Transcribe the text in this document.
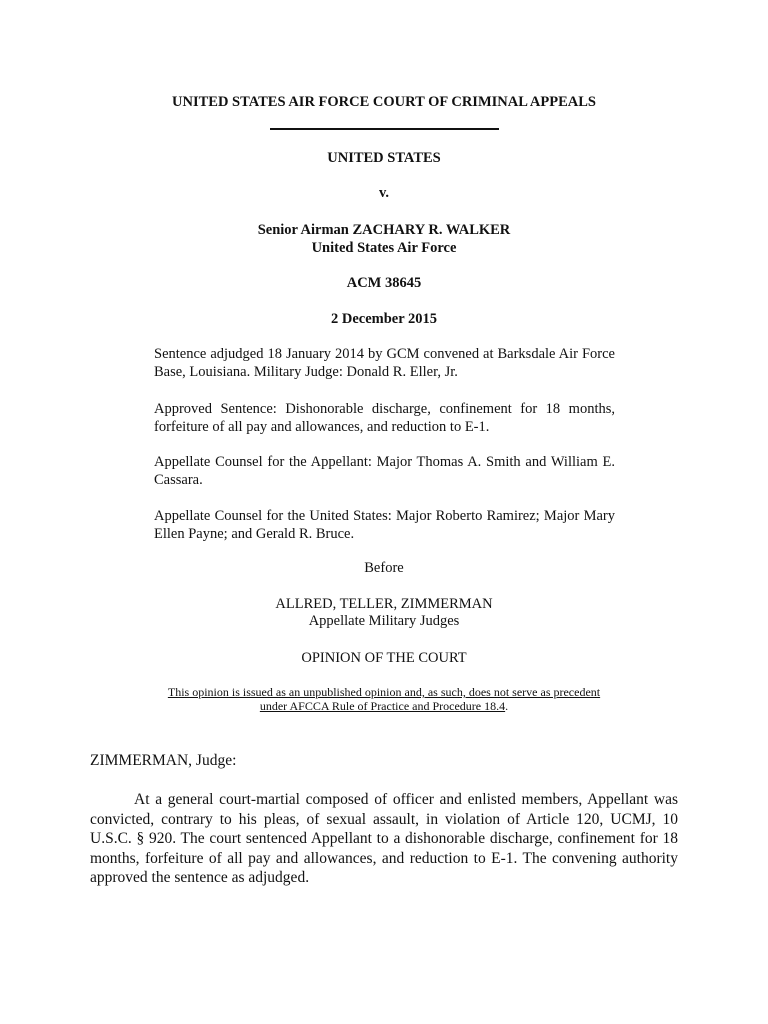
UNITED STATES AIR FORCE COURT OF CRIMINAL APPEALS
UNITED STATES
v.
Senior Airman ZACHARY R. WALKER
United States Air Force
ACM 38645
2 December 2015
Sentence adjudged 18 January 2014 by GCM convened at Barksdale Air Force Base, Louisiana. Military Judge: Donald R. Eller, Jr.
Approved Sentence: Dishonorable discharge, confinement for 18 months, forfeiture of all pay and allowances, and reduction to E-1.
Appellate Counsel for the Appellant: Major Thomas A. Smith and William E. Cassara.
Appellate Counsel for the United States: Major Roberto Ramirez; Major Mary Ellen Payne; and Gerald R. Bruce.
Before
ALLRED, TELLER, ZIMMERMAN
Appellate Military Judges
OPINION OF THE COURT
This opinion is issued as an unpublished opinion and, as such, does not serve as precedent
under AFCCA Rule of Practice and Procedure 18.4.
ZIMMERMAN, Judge:
At a general court-martial composed of officer and enlisted members, Appellant was convicted, contrary to his pleas, of sexual assault, in violation of Article 120, UCMJ, 10 U.S.C. § 920. The court sentenced Appellant to a dishonorable discharge, confinement for 18 months, forfeiture of all pay and allowances, and reduction to E-1. The convening authority approved the sentence as adjudged.
